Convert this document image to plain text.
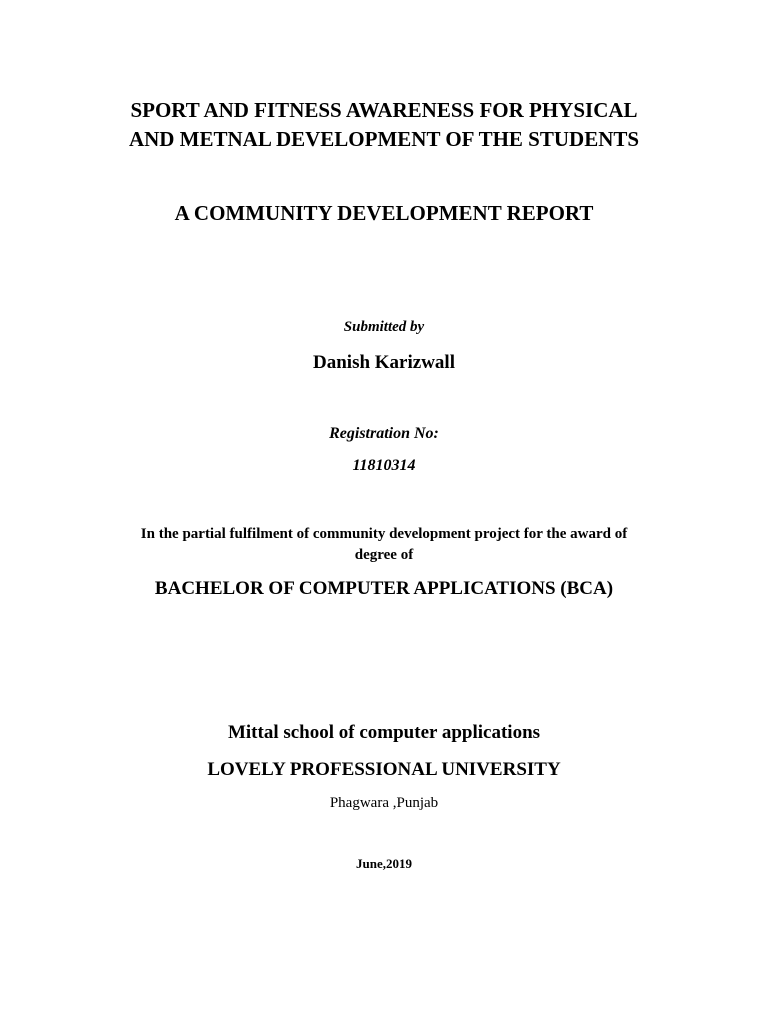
SPORT AND FITNESS AWARENESS FOR PHYSICAL
AND METNAL DEVELOPMENT OF THE STUDENTS
A COMMUNITY DEVELOPMENT REPORT
Submitted by
Danish Karizwall
Registration No:
11810314
In the partial fulfilment of community development project for the award of
degree of
BACHELOR OF COMPUTER APPLICATIONS (BCA)
Mittal school of computer applications
LOVELY PROFESSIONAL UNIVERSITY
Phagwara ,Punjab
June,2019
